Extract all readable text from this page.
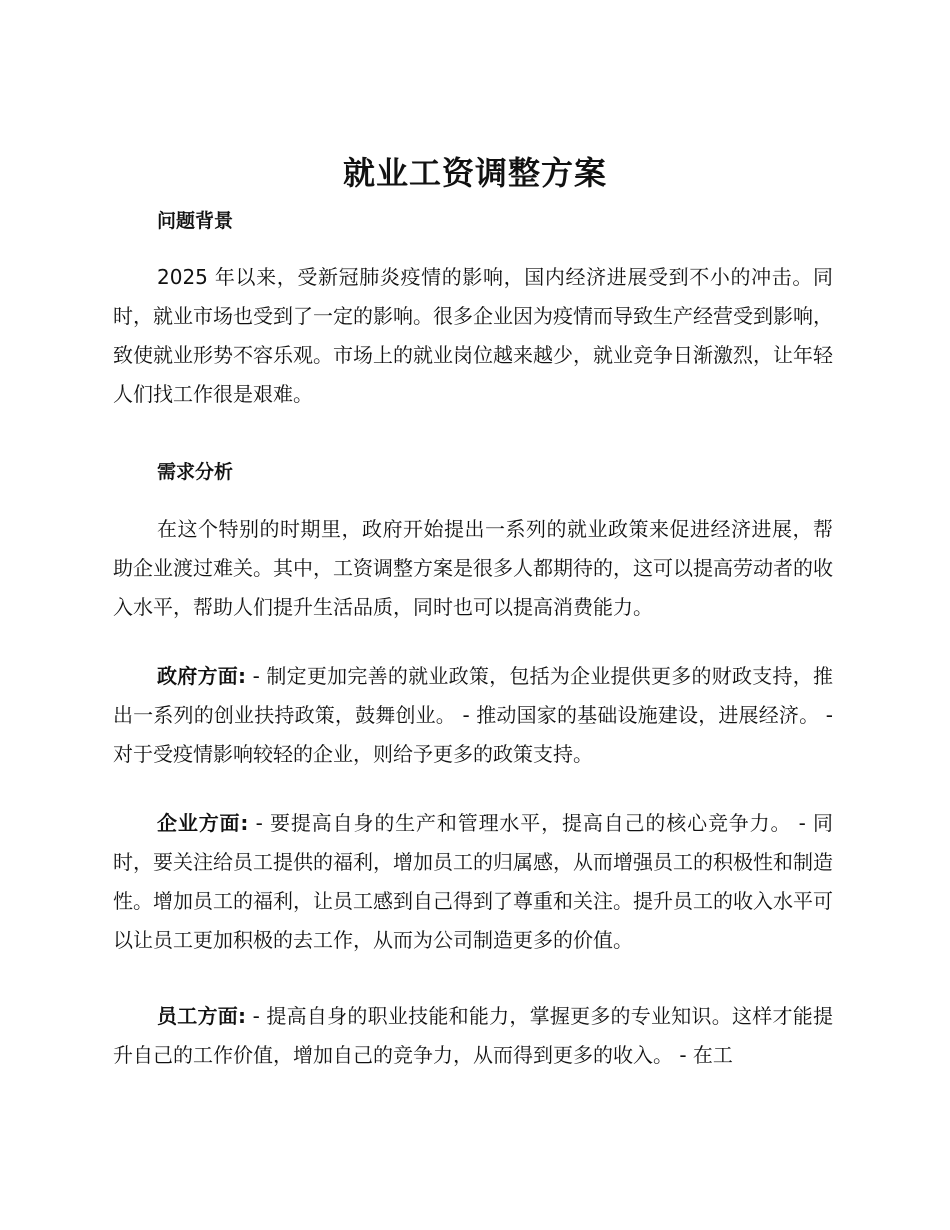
就业工资调整方案
问题背景

2025 年以来，受新冠肺炎疫情的影响，国内经济进展受到不小的冲击。同时，就业市场也受到了一定的影响。很多企业因为疫情而导致生产经营受到影响，致使就业形势不容乐观。市场上的就业岗位越来越少，就业竞争日渐激烈，让年轻人们找工作很是艰难。

需求分析

在这个特别的时期里，政府开始提出一系列的就业政策来促进经济进展，帮助企业渡过难关。其中，工资调整方案是很多人都期待的，这可以提高劳动者的收入水平，帮助人们提升生活品质，同时也可以提高消费能力。

政府方面: - 制定更加完善的就业政策，包括为企业提供更多的财政支持，推出一系列的创业扶持政策，鼓舞创业。 - 推动国家的基础设施建设，进展经济。 - 对于受疫情影响较轻的企业，则给予更多的政策支持。

企业方面: - 要提高自身的生产和管理水平，提高自己的核心竞争力。 - 同时，要关注给员工提供的福利，增加员工的归属感，从而增强员工的积极性和制造性。增加员工的福利，让员工感到自己得到了尊重和关注。提升员工的收入水平可以让员工更加积极的去工作，从而为公司制造更多的价值。

员工方面: - 提高自身的职业技能和能力，掌握更多的专业知识。这样才能提升自己的工作价值，增加自己的竞争力，从而得到更多的收入。 - 在工
